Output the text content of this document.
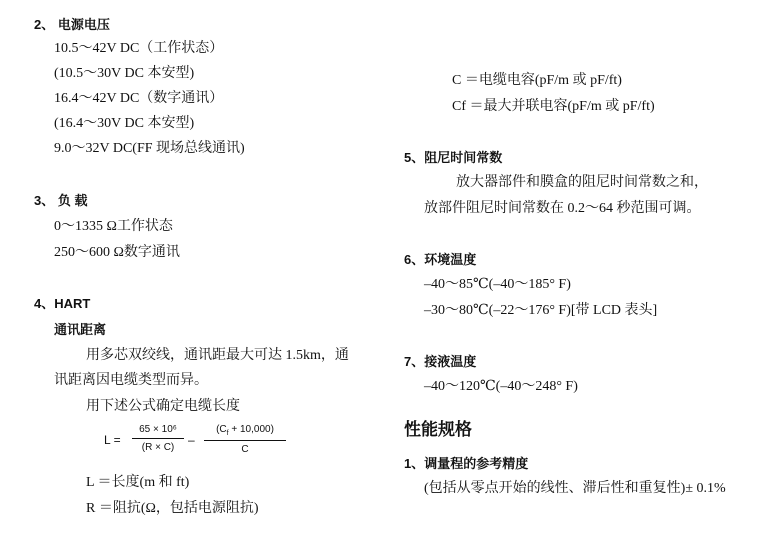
2、 电源电压
10.5～42V DC（工作状态）
(10.5～30V DC 本安型)
16.4～42V DC（数字通讯）
(16.4～30V DC 本安型)
9.0～32V DC(FF 现场总线通讯)
3、 负 载
0～1335 Ω工作状态
250～600 Ω数字通讯
4、HART
通讯距离
用多芯双绞线，通讯距最大可达 1.5km，通
讯距离因电缆类型而异。
用下述公式确定电缆长度
L =
65 × 10⁶
(R × C)
–
$(C_f + 10,000)$
C
L ＝长度(m 和 ft)
R ＝阻抗(Ω，包括电源阻抗)
C ＝电缆电容(pF/m 或 pF/ft)
Cf ＝最大并联电容(pF/m 或 pF/ft)
5、阻尼时间常数
放大器部件和膜盒的阻尼时间常数之和，
放部件阻尼时间常数在 0.2～64 秒范围可调。
6、环境温度
–40～85℃(–40～185° F)
–30～80℃(–22～176° F)[带 LCD 表头]
7、接液温度
–40～120℃(–40～248° F)
性能规格
1、调量程的参考精度
(包括从零点开始的线性、滞后性和重复性)± 0.1%
